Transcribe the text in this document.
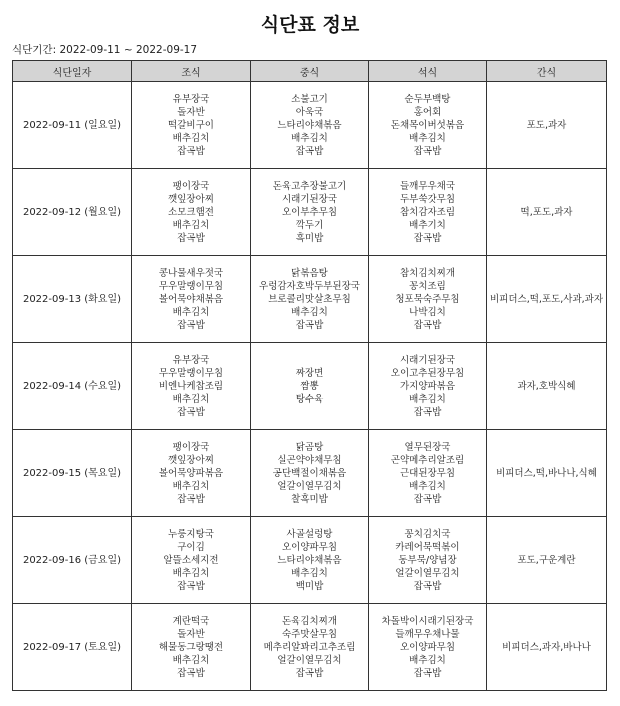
식단표 정보
식단기간: 2022-09-11 ~ 2022-09-17
식단일자	조식	중식	석식	간식
2022-09-11 (일요일)	유부장국
돌자반
떡갈비구이
배추김치
잡곡밥	소불고기
아욱국
느타리야채볶음
배추김치
잡곡밥	순두부백탕
홍어회
돈채목이버섯볶음
배추김치
잡곡밥	포도,과자
2022-09-12 (월요일)	팽이장국
깻잎장아찌
소모크햄전
배추김치
잡곡밥	돈육고추장불고기
시래기된장국
오이부추무침
깍두기
흑미밥	들깨무우채국
두부쑥갓무침
참치감자조림
배추기치
잡곡밥	떡,포도,과자
2022-09-13 (화요일)	콩나물새우젓국
무우말랭이무침
볼어묵야채볶음
배추김치
잡곡밥	닭볶음탕
우렁감자호박두부된장국
브로콜리맛살초무침
배추김치
잡곡밥	참치김치찌개
꽁치조림
청포묵숙주무침
나박김치
잡곡밥	비피더스,떡,포도,사과,과자
2022-09-14 (수요일)	유부장국
무우말랭이무침
비엔나케찹조림
배추김치
잡곡밥	짜장면
짬뽕
탕수육	시래기된장국
오이고추된장무침
가지양파볶음
배추김치
잡곡밥	과자,호박식혜
2022-09-15 (목요일)	팽이장국
깻잎장아찌
볼어묵양파볶음
배추김치
잡곡밥	닭곰탕
실곤약야채무침
공단백절이채볶음
얼갈이열무김치
찰흑미밥	열무된장국
곤약메추리알조림
근대된장무침
배추김치
잡곡밥	비피더스,떡,바나나,식혜
2022-09-16 (금요일)	누룽지탕국
구이김
알뜰소세지전
배추김치
잡곡밥	사골설렁탕
오이양파무침
느타리야채볶음
배추김치
백미밥	꽁치김치국
카레어묵떡볶이
동부묵/양념장
얼갈이열무김치
잡곡밥	포도,구운계란
2022-09-17 (토요일)	계란떡국
돌자반
해물동그랑땡전
배추김치
잡곡밥	돈육김치찌개
숙주맛살무침
메추리알꽈리고추조림
얼갈이열무김치
잡곡밥	차돌박이시래기된장국
들깨무우채나물
오이양파무침
배추김치
잡곡밥	비피더스,과자,바나나
